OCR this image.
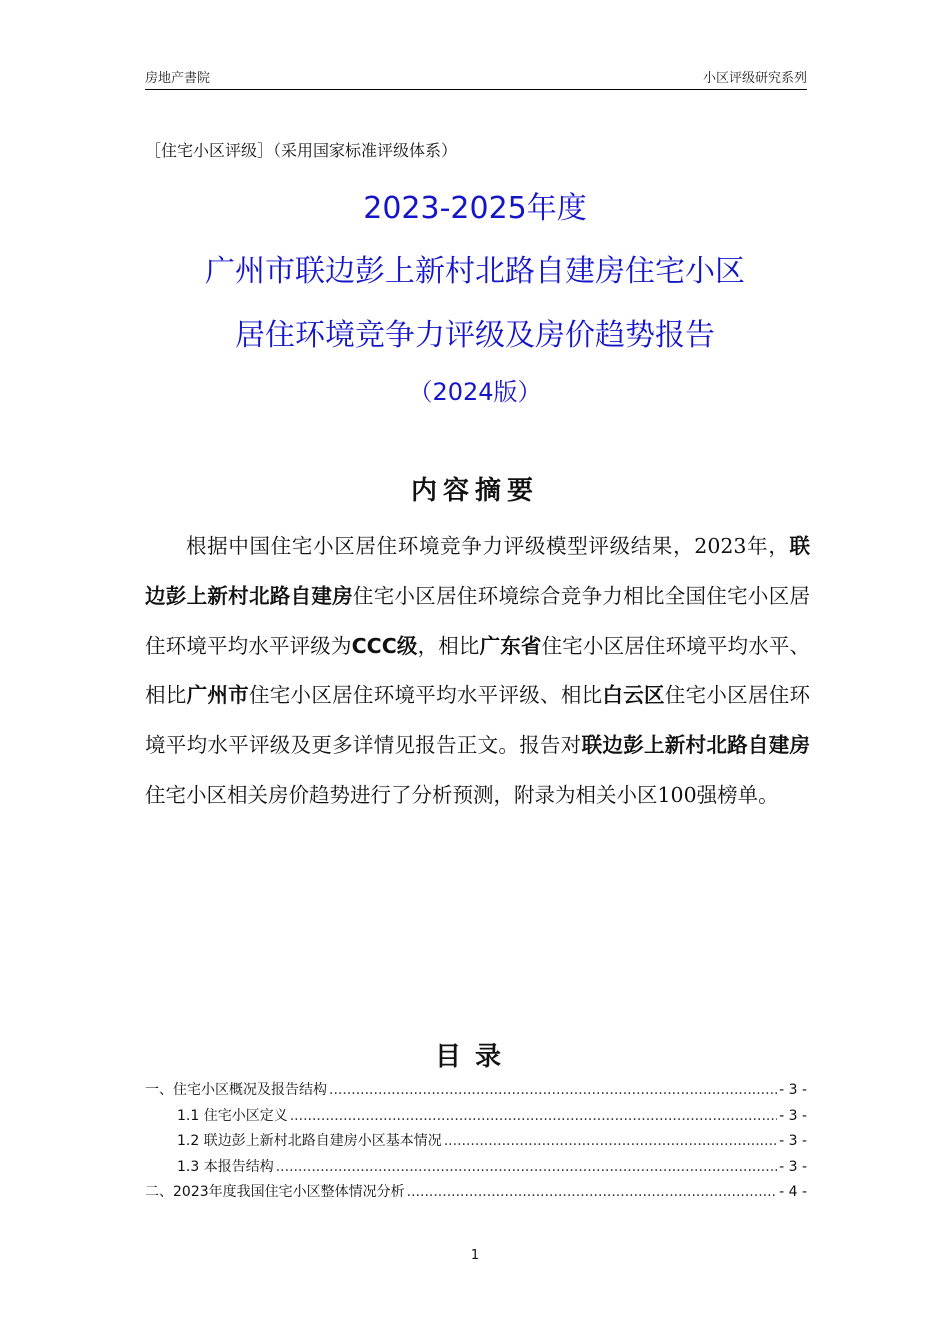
房地产書院	小区评级研究系列
［住宅小区评级］（采用国家标准评级体系）
2023-2025年度
广州市联边彭上新村北路自建房住宅小区
居住环境竞争力评级及房价趋势报告
（2024版）
内容摘要

根据中国住宅小区居住环境竞争力评级模型评级结果，2023年，联边彭上新村北路自建房住宅小区居住环境综合竞争力相比全国住宅小区居住环境平均水平评级为CCC级，相比广东省住宅小区居住环境平均水平、相比广州市住宅小区居住环境平均水平评级、相比白云区住宅小区居住环境平均水平评级及更多详情见报告正文。报告对联边彭上新村北路自建房住宅小区相关房价趋势进行了分析预测，附录为相关小区100强榜单。

目录
一、住宅小区概况及报告结构 .....	- 3 -
1.1 住宅小区定义 .....	- 3 -
1.2 联边彭上新村北路自建房小区基本情况 .....	- 3 -
1.3 本报告结构 .....	- 3 -
二、2023年度我国住宅小区整体情况分析 .....	- 4 -
1
